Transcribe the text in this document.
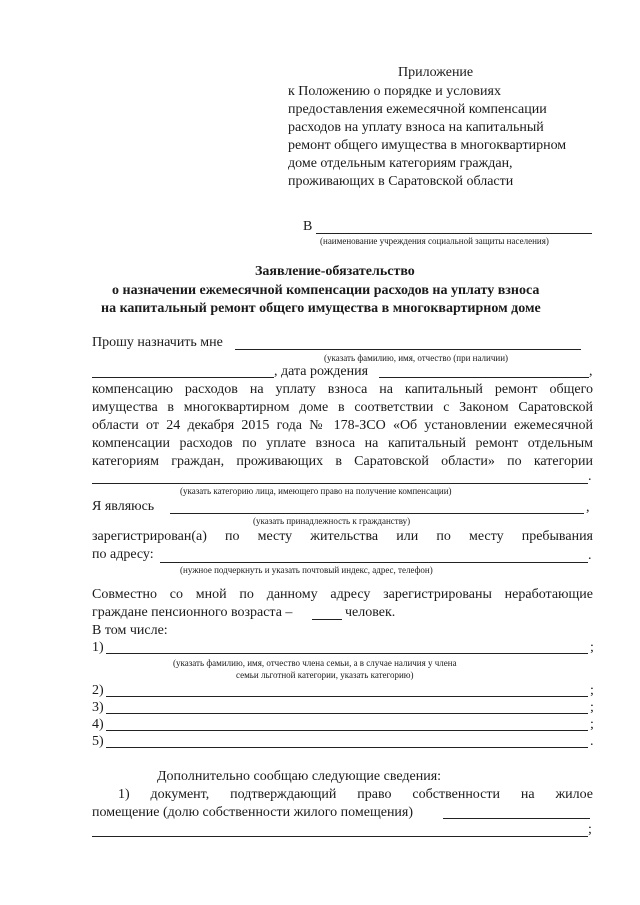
Приложение
к Положению о порядке и условиях
предоставления ежемесячной компенсации
расходов на уплату взноса на капитальный
ремонт общего имущества в многоквартирном
доме отдельным категориям граждан,
проживающих в Саратовской области
В
(наименование учреждения социальной защиты населения)
Заявление-обязательство
о назначении ежемесячной компенсации расходов на уплату взноса
на капитальный ремонт общего имущества в многоквартирном доме
Прошу назначить мне
(указать фамилию, имя, отчество (при наличии)
, дата рождения	,
компенсацию расходов на уплату взноса на капитальный ремонт общего
имущества в многоквартирном доме в соответствии с Законом Саратовской
области от 24 декабря 2015 года № 178-ЗСО «Об установлении ежемесячной
компенсации расходов по уплате взноса на капитальный ремонт отдельным
категориям граждан, проживающих в Саратовской области» по категории
.
(указать категорию лица, имеющего право на получение компенсации)
Я являюсь	,
(указать принадлежность к гражданству)
зарегистрирован(а) по месту жительства или по месту пребывания
по адресу:	.
(нужное подчеркнуть и указать почтовый индекс, адрес, телефон)
Совместно со мной по данному адресу зарегистрированы неработающие
граждане пенсионного возраста –	человек.
В том числе:
1)	;
(указать фамилию, имя, отчество члена семьи, а в случае наличия у члена
семьи льготной категории, указать категорию)
2)	;
3)	;
4)	;
5)	.
Дополнительно сообщаю следующие сведения:
1) документ, подтверждающий право собственности на жилое
помещение (долю собственности жилого помещения)
;
